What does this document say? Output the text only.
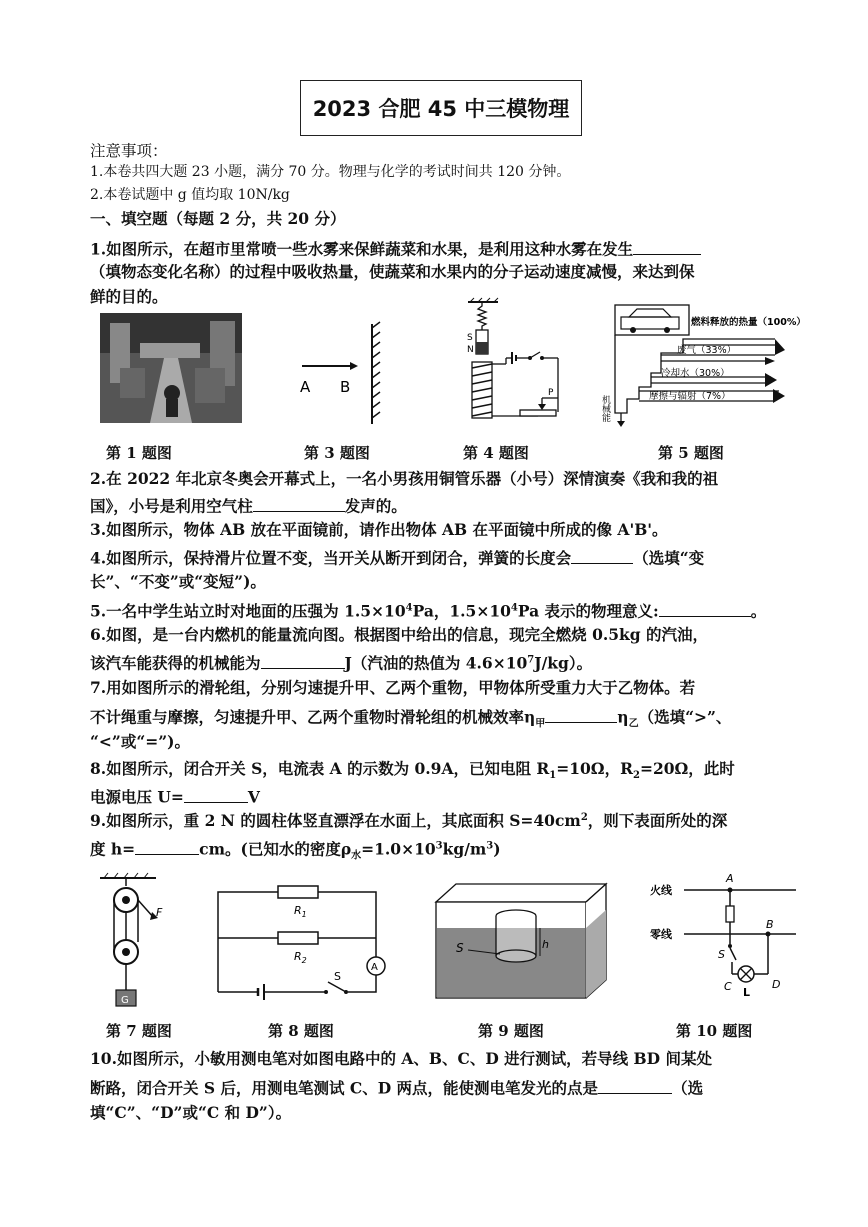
2023 合肥 45 中三模物理
注意事项：
1.本卷共四大题 23 小题，满分 70 分。物理与化学的考试时间共 120 分钟。
2.本卷试题中 g 值均取 10N/kg
一、填空题（每题 2 分，共 20 分）
1.如图所示，在超市里常喷一些水雾来保鲜蔬菜和水果，是利用这种水雾在发生
（填物态变化名称）的过程中吸收热量，使蔬菜和水果内的分子运动速度减慢，来达到保
鲜的目的。
A B
S
N
P
燃料释放的热量（100%）
废气（33%）
冷却水（30%）
摩擦与辐射（7%）
机械能
第 1 题图	第 3 题图	第 4 题图	第 5 题图
2.在 2022 年北京冬奥会开幕式上，一名小男孩用铜管乐器（小号）深情演奏《我和我的祖
国》，小号是利用空气柱	发声的。
3.如图所示，物体 AB 放在平面镜前，请作出物体 AB 在平面镜中所成的像 A'B'。
4.如图所示，保持滑片位置不变，当开关从断开到闭合，弹簧的长度会	（选填“变
长”、“不变”或“变短”)。
5.一名中学生站立时对地面的压强为 $1.5\times 10^4Pa$，$1.5\times 10^4Pa$ 表示的物理意义:	。
6.如图，是一台内燃机的能量流向图。根据图中给出的信息，现完全燃烧 0.5kg 的汽油，
该汽车能获得的机械能为	J（汽油的热值为 $4.6\times 10^7J/kg$）。
7.用如图所示的滑轮组，分别匀速提升甲、乙两个重物，甲物体所受重力大于乙物体。若
不计绳重与摩擦，匀速提升甲、乙两个重物时滑轮组的机械效率$\eta_甲$	$\eta_乙$（选填“>”、
“<”或“=”)。
8.如图所示，闭合开关 S，电流表 A 的示数为 0.9A，已知电阻 $R_1=10\Omega$，$R_2=20\Omega$，此时
电源电压 U=	V
9.如图所示，重 2 N 的圆柱体竖直漂浮在水面上，其底面积 $S=40cm^2$，则下表面所处的深
度 h=	cm。(已知水的密度$\rho_水=1.0\times 10^3kg/m^3$)
F
G
$R_1$
$R_2$
A
S
h
S
火线
零线
A
S
B
C	D
L
第 7 题图	第 8 题图	第 9 题图	第 10 题图
10.如图所示，小敏用测电笔对如图电路中的 A、B、C、D 进行测试，若导线 BD 间某处
断路，闭合开关 S 后，用测电笔测试 C、D 两点，能使测电笔发光的点是	（选
填“C”、“D”或“C 和 D”）。
